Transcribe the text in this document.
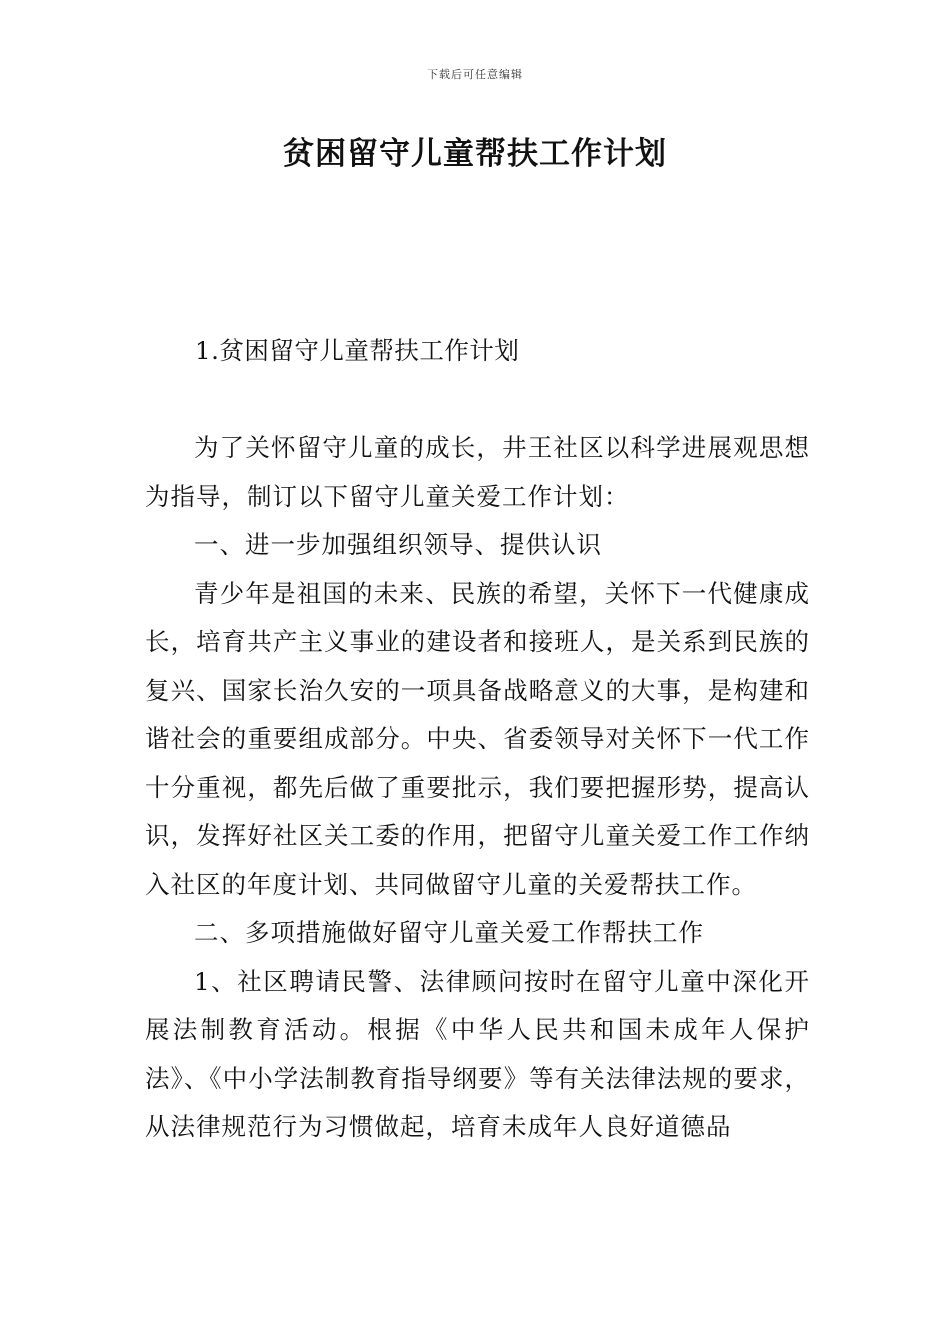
下载后可任意编辑
贫困留守儿童帮扶工作计划
1.贫困留守儿童帮扶工作计划

为了关怀留守儿童的成长，井王社区以科学进展观思想为指导，制订以下留守儿童关爱工作计划：

一、进一步加强组织领导、提供认识

青少年是祖国的未来、民族的希望，关怀下一代健康成长，培育共产主义事业的建设者和接班人，是关系到民族的复兴、国家长治久安的一项具备战略意义的大事，是构建和谐社会的重要组成部分。中央、省委领导对关怀下一代工作十分重视，都先后做了重要批示，我们要把握形势，提高认识，发挥好社区关工委的作用，把留守儿童关爱工作工作纳入社区的年度计划、共同做留守儿童的关爱帮扶工作。

二、多项措施做好留守儿童关爱工作帮扶工作

1、社区聘请民警、法律顾问按时在留守儿童中深化开展法制教育活动。根据《中华人民共和国未成年人保护法》、《中小学法制教育指导纲要》等有关法律法规的要求，从法律规范行为习惯做起，培育未成年人良好道德品
